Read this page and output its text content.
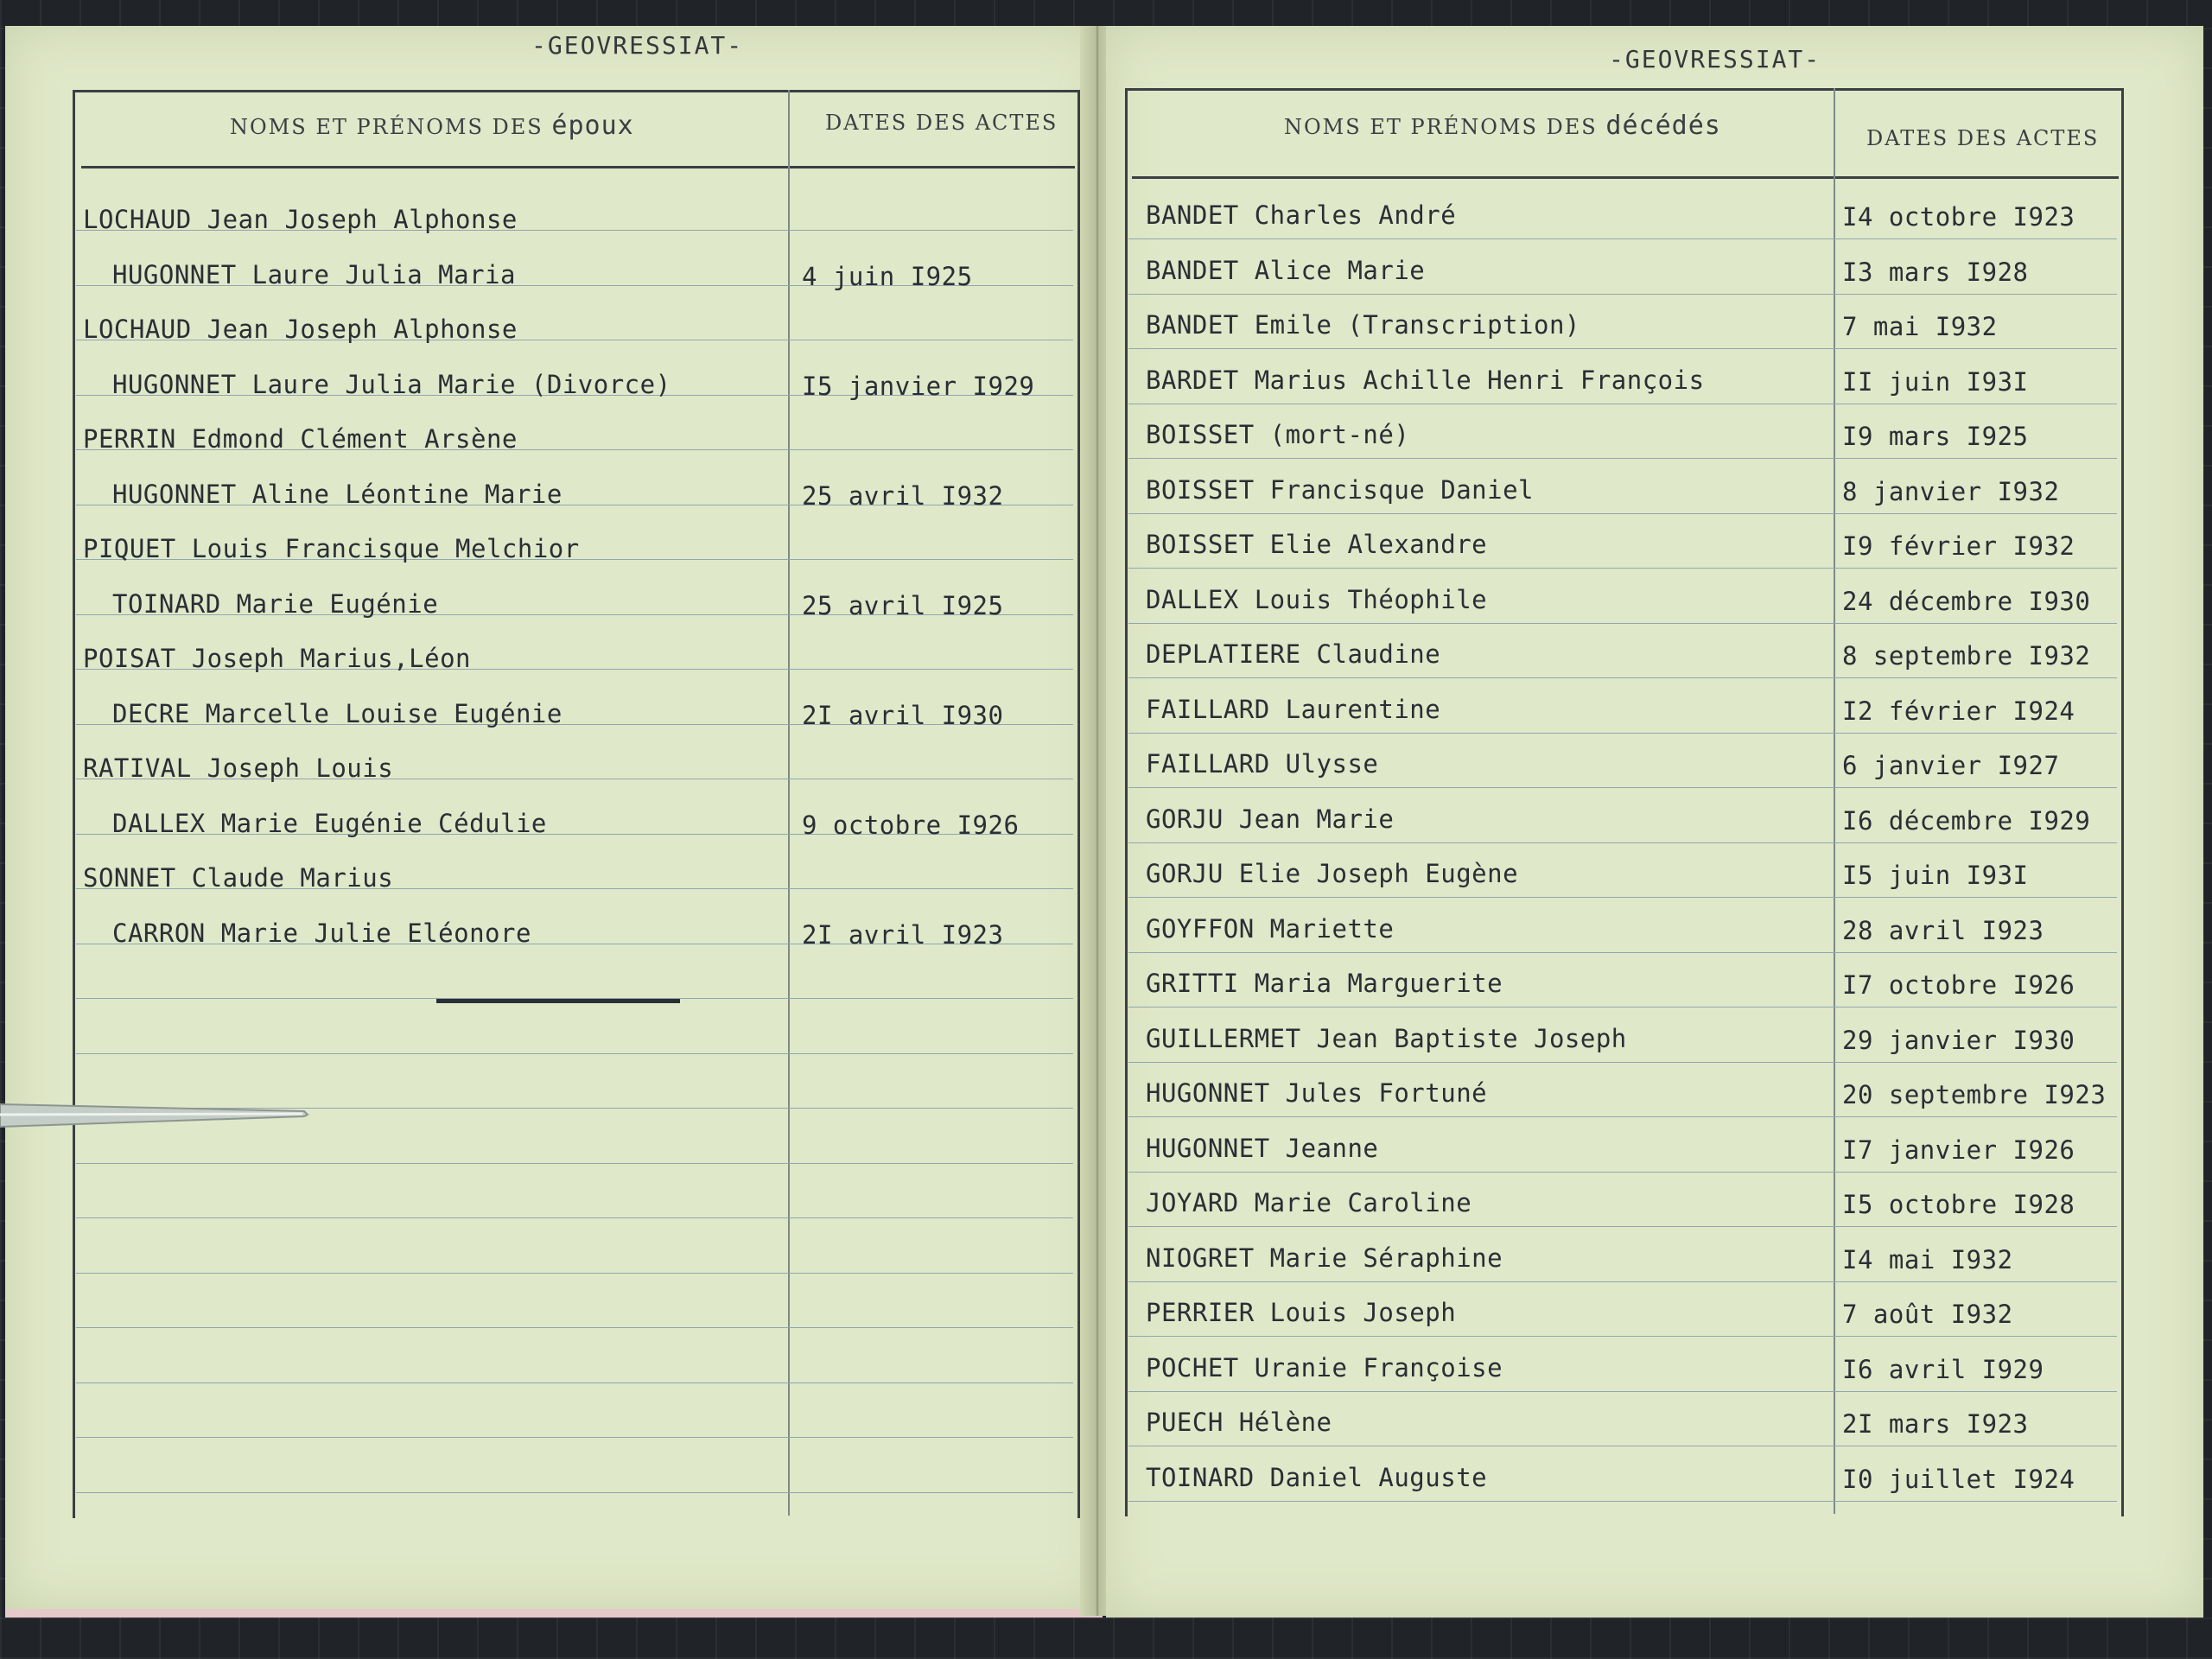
-GEOVRESSIAT-
NOMS ET PRÉNOMS DES époux	DATES DES ACTES
LOCHAUD Jean Joseph Alphonse
HUGONNET Laure Julia Maria	4 juin I925
LOCHAUD Jean Joseph Alphonse
HUGONNET Laure Julia Marie (Divorce)	I5 janvier I929
PERRIN Edmond Clément Arsène
HUGONNET Aline Léontine Marie	25 avril I932
PIQUET Louis Francisque Melchior
TOINARD Marie Eugénie	25 avril I925
POISAT Joseph Marius,Léon
DECRE Marcelle Louise Eugénie	2I avril I930
RATIVAL Joseph Louis
DALLEX Marie Eugénie Cédulie	9 octobre I926
SONNET Claude Marius
CARRON Marie Julie Eléonore	2I avril I923
-GEOVRESSIAT-
NOMS ET PRÉNOMS DES décédés	DATES DES ACTES
BANDET Charles André	I4 octobre I923
BANDET Alice Marie	I3 mars I928
BANDET Emile (Transcription)	7 mai I932
BARDET Marius Achille Henri François	II juin I93I
BOISSET (mort-né)	I9 mars I925
BOISSET Francisque Daniel	8 janvier I932
BOISSET Elie Alexandre	I9 février I932
DALLEX Louis Théophile	24 décembre I930
DEPLATIERE Claudine	8 septembre I932
FAILLARD Laurentine	I2 février I924
FAILLARD Ulysse	6 janvier I927
GORJU Jean Marie	I6 décembre I929
GORJU Elie Joseph Eugène	I5 juin I93I
GOYFFON Mariette	28 avril I923
GRITTI Maria Marguerite	I7 octobre I926
GUILLERMET Jean Baptiste Joseph	29 janvier I930
HUGONNET Jules Fortuné	20 septembre I923
HUGONNET Jeanne	I7 janvier I926
JOYARD Marie Caroline	I5 octobre I928
NIOGRET Marie Séraphine	I4 mai I932
PERRIER Louis Joseph	7 août I932
POCHET Uranie Françoise	I6 avril I929
PUECH Hélène	2I mars I923
TOINARD Daniel Auguste	I0 juillet I924
